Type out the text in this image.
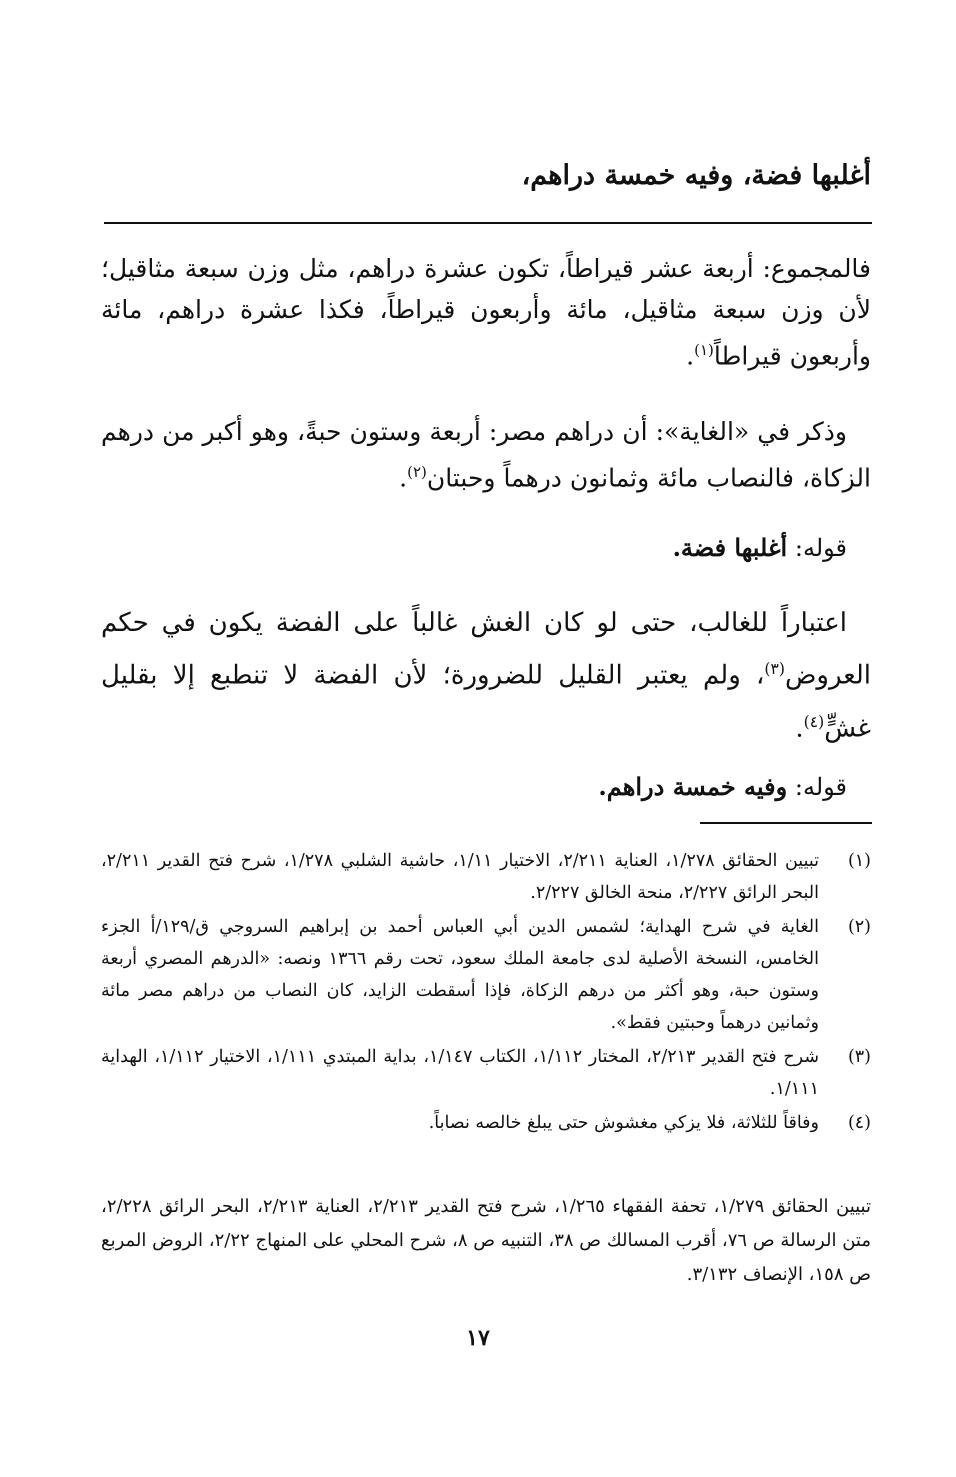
أغلبها فضة، وفيه خمسة دراهم،
فالمجموع: أربعة عشر قيراطاً، تكون عشرة دراهم، مثل وزن سبعة مثاقيل؛ لأن وزن سبعة مثاقيل، مائة وأربعون قيراطاً، فكذا عشرة دراهم، مائة وأربعون قيراطاً$^{(١)}$.
وذكر في «الغاية»: أن دراهم مصر: أربعة وستون حبةً، وهو أكبر من درهم الزكاة، فالنصاب مائة وثمانون درهماً وحبتان$^{(٢)}$.
قوله: أغلبها فضة.
اعتباراً للغالب، حتى لو كان الغش غالباً على الفضة يكون في حكم العروض$^{(٣)}$، ولم يعتبر القليل للضرورة؛ لأن الفضة لا تنطبع إلا بقليل غشٍّ$^{(٤)}$.
قوله: وفيه خمسة دراهم.
(١)
تبيين الحقائق ١/٢٧٨، العناية ٢/٢١١، الاختيار ١/١١، حاشية الشلبي ١/٢٧٨، شرح فتح القدير ٢/٢١١، البحر الرائق ٢/٢٢٧، منحة الخالق ٢/٢٢٧.
(٢)
الغاية في شرح الهداية؛ لشمس الدين أبي العباس أحمد بن إبراهيم السروجي ق/١٢٩/أ الجزء الخامس، النسخة الأصلية لدى جامعة الملك سعود، تحت رقم ١٣٦٦ ونصه: «الدرهم المصري أربعة وستون حبة، وهو أكثر من درهم الزكاة، فإذا أسقطت الزايد، كان النصاب من دراهم مصر مائة وثمانين درهماً وحبتين فقط».
(٣)
شرح فتح القدير ٢/٢١٣، المختار ١/١١٢، الكتاب ١/١٤٧، بداية المبتدي ١/١١١، الاختيار ١/١١٢، الهداية ١/١١١.
(٤)
وفاقاً للثلاثة، فلا يزكي مغشوش حتى يبلغ خالصه نصاباً.
تبيين الحقائق ١/٢٧٩، تحفة الفقهاء ١/٢٦٥، شرح فتح القدير ٢/٢١٣، العناية ٢/٢١٣، البحر الرائق ٢/٢٢٨، متن الرسالة ص ٧٦، أقرب المسالك ص ٣٨، التنبيه ص ٨، شرح المحلي على المنهاج ٢/٢٢، الروض المربع ص ١٥٨، الإنصاف ٣/١٣٢.
١٧
